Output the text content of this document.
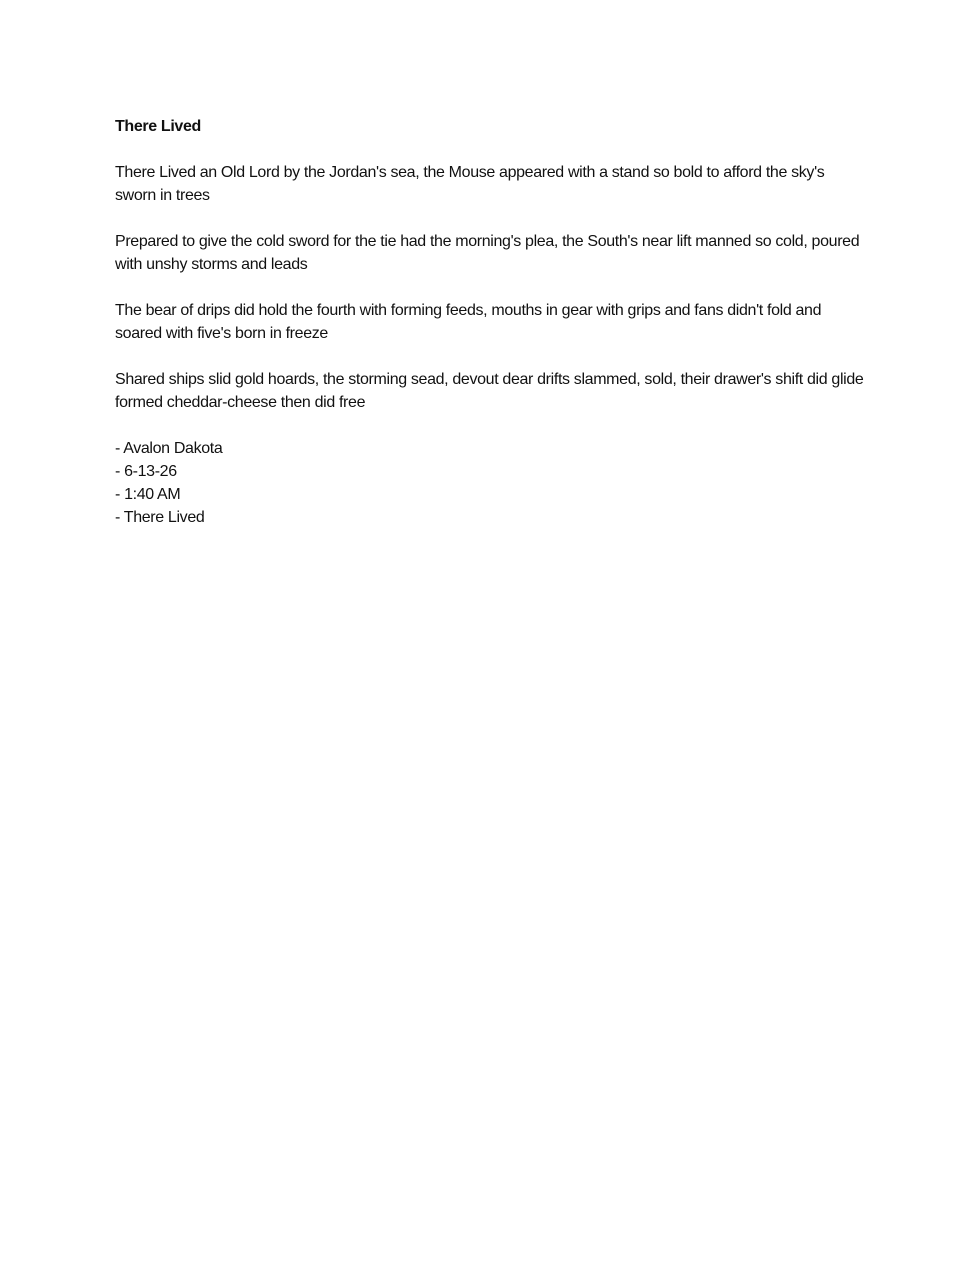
There Lived
There Lived an Old Lord by the Jordan's sea, the Mouse appeared with a stand so bold to afford the sky's sworn in trees
Prepared to give the cold sword for the tie had the morning's plea, the South's near lift manned so cold, poured with unshy storms and leads
The bear of drips did hold the fourth with forming feeds, mouths in gear with grips and fans didn't fold and soared with five's born in freeze
Shared ships slid gold hoards, the storming sead, devout dear drifts slammed, sold, their drawer's shift did glide formed cheddar-cheese then did free
- Avalon Dakota
- 6-13-26
- 1:40 AM
- There Lived
